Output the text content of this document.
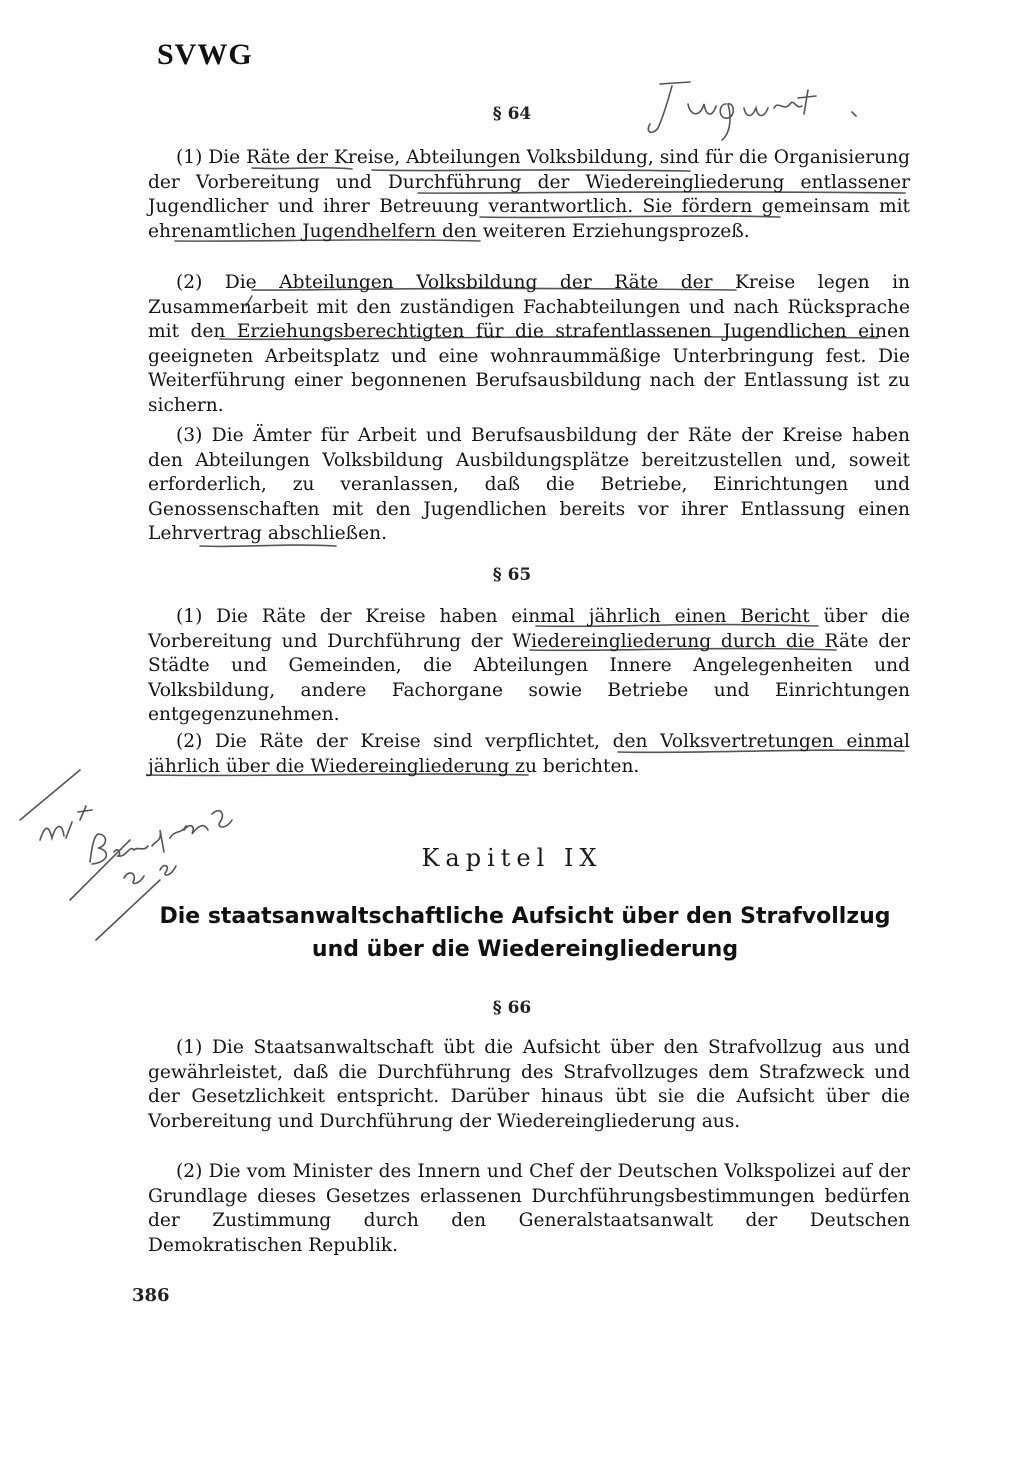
SVWG
§ 64
(1) Die Räte der Kreise, Abteilungen Volksbildung, sind für die Organisierung der Vorbereitung und Durchführung der Wiedereingliederung entlassener Jugendlicher und ihrer Betreuung verantwortlich. Sie fördern gemeinsam mit ehrenamtlichen Jugendhelfern den weiteren Erziehungsprozeß.
(2) Die Abteilungen Volksbildung der Räte der Kreise legen in Zusammenarbeit mit den zuständigen Fachabteilungen und nach Rücksprache mit den Erziehungsberechtigten für die strafentlassenen Jugendlichen einen geeigneten Arbeitsplatz und eine wohnraummäßige Unterbringung fest. Die Weiterführung einer begonnenen Berufsausbildung nach der Entlassung ist zu sichern.
(3) Die Ämter für Arbeit und Berufsausbildung der Räte der Kreise haben den Abteilungen Volksbildung Ausbildungsplätze bereitzustellen und, soweit erforderlich, zu veranlassen, daß die Betriebe, Einrichtungen und Genossenschaften mit den Jugendlichen bereits vor ihrer Entlassung einen Lehrvertrag abschließen.
§ 65
(1) Die Räte der Kreise haben einmal jährlich einen Bericht über die Vorbereitung und Durchführung der Wiedereingliederung durch die Räte der Städte und Gemeinden, die Abteilungen Innere Angelegenheiten und Volksbildung, andere Fachorgane sowie Betriebe und Einrichtungen entgegenzunehmen.
(2) Die Räte der Kreise sind verpflichtet, den Volksvertretungen einmal jährlich über die Wiedereingliederung zu berichten.
Kapitel IX
Die staatsanwaltschaftliche Aufsicht über den Strafvollzug
und über die Wiedereingliederung
§ 66
(1) Die Staatsanwaltschaft übt die Aufsicht über den Strafvollzug aus und gewährleistet, daß die Durchführung des Strafvollzuges dem Strafzweck und der Gesetzlichkeit entspricht. Darüber hinaus übt sie die Aufsicht über die Vorbereitung und Durchführung der Wiedereingliederung aus.
(2) Die vom Minister des Innern und Chef der Deutschen Volkspolizei auf der Grundlage dieses Gesetzes erlassenen Durchführungsbestimmungen bedürfen der Zustimmung durch den Generalstaatsanwalt der Deutschen Demokratischen Republik.
386
